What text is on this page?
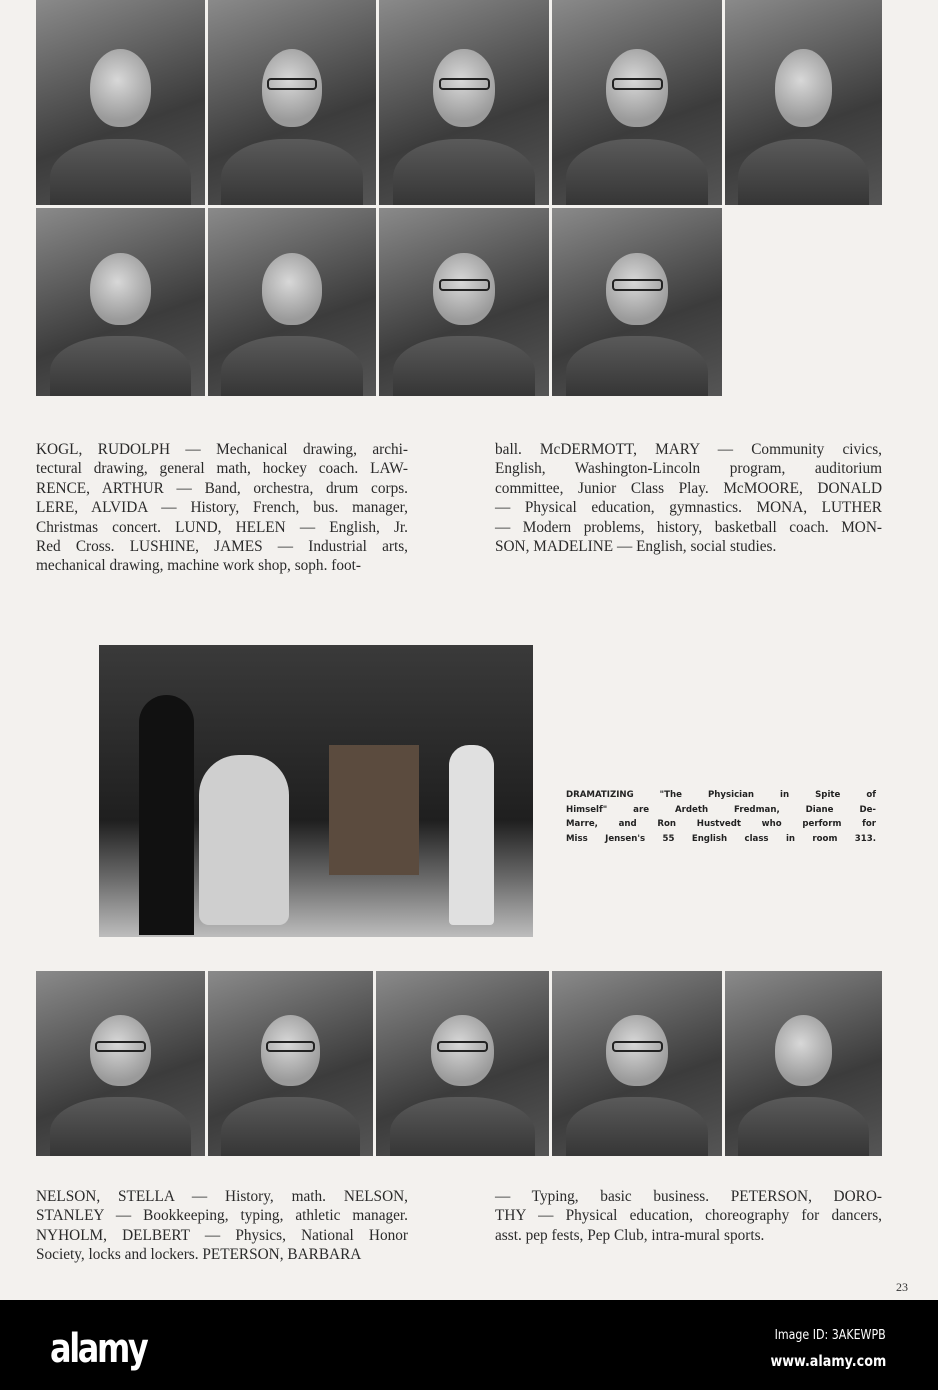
KOGL, RUDOLPH — Mechanical drawing, archi-
tectural drawing, general math, hockey coach. LAW-
RENCE, ARTHUR — Band, orchestra, drum corps.
LERE, ALVIDA — History, French, bus. manager,
Christmas concert. LUND, HELEN — English, Jr.
Red Cross. LUSHINE, JAMES — Industrial arts,
mechanical drawing, machine work shop, soph. foot-
ball. McDERMOTT, MARY — Community civics,
English, Washington-Lincoln program, auditorium
committee, Junior Class Play. McMOORE, DONALD
— Physical education, gymnastics. MONA, LUTHER
— Modern problems, history, basketball coach. MON-
SON, MADELINE — English, social studies.
DRAMATIZING "The Physician in Spite of
Himself" are Ardeth Fredman, Diane De-
Marre, and Ron Hustvedt who perform for
Miss Jensen's 55 English class in room 313.
NELSON, STELLA — History, math. NELSON,
STANLEY — Bookkeeping, typing, athletic manager.
NYHOLM, DELBERT — Physics, National Honor
Society, locks and lockers. PETERSON, BARBARA
— Typing, basic business. PETERSON, DORO-
THY — Physical education, choreography for dancers,
asst. pep fests, Pep Club, intra-mural sports.
23
alamy	Image ID: 3AKEWPB
www.alamy.com
